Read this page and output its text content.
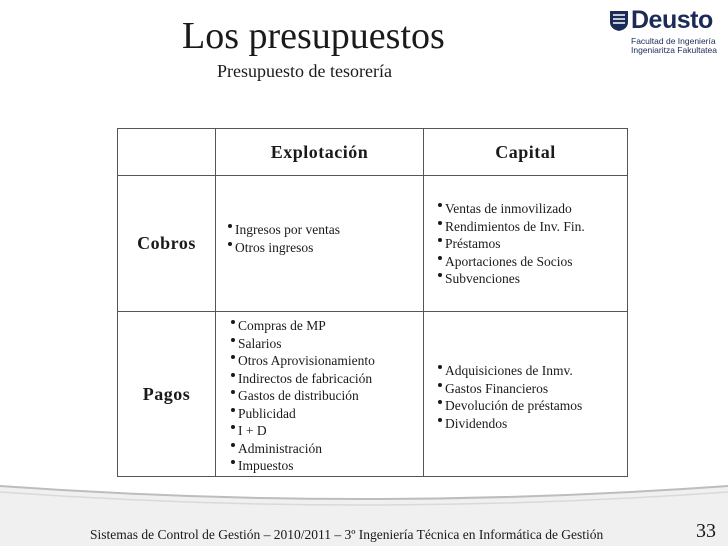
Los presupuestos
Presupuesto de tesorería
Deusto
Facultad de Ingeniería
Ingeniaritza Fakultatea
Explotación	Capital
Cobros
Ingresos por ventas
Otros ingresos
Ventas de inmovilizado
Rendimientos de Inv. Fin.
Préstamos
Aportaciones de Socios
Subvenciones
Pagos
Compras de MP
Salarios
Otros Aprovisionamiento
Indirectos de fabricación
Gastos de distribución
Publicidad
I + D
Administración
Impuestos
Adquisiciones de Inmv.
Gastos Financieros
Devolución de préstamos
Dividendos
Sistemas de Control de Gestión – 2010/2011 – 3º Ingeniería Técnica en Informática de Gestión	33
